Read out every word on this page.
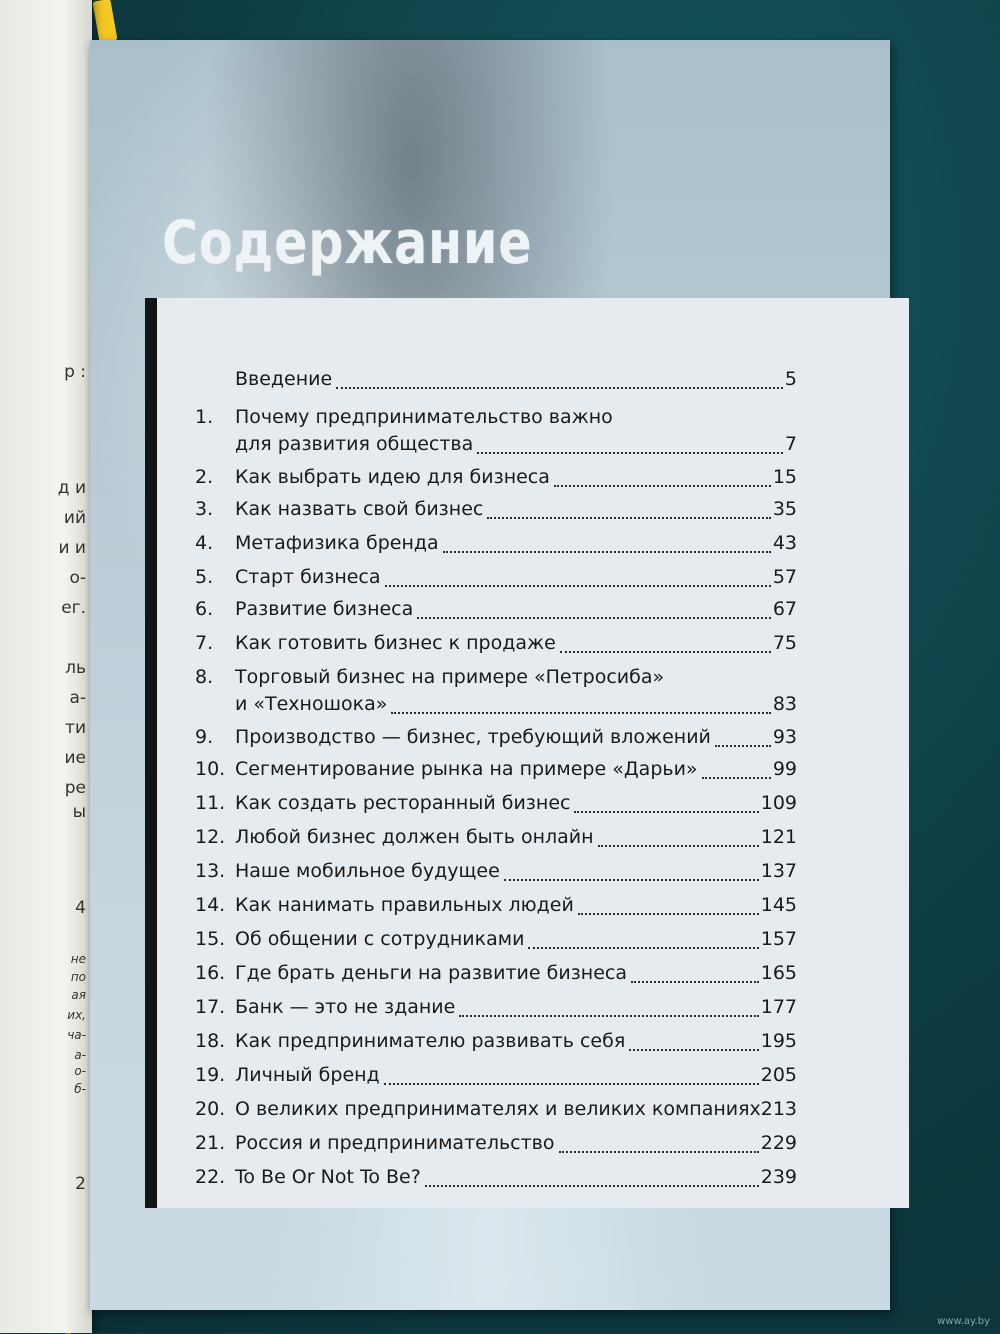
р :
д и
ий
и и
о-
ег.
ль
а-
ти
ие
ре
ы
4
не
по
ая
их,
ча-
а-
о-
б-
2
Содержание
Введение	5
1. Почему предпринимательство важно
для развития общества	7
2. Как выбрать идею для бизнеса	15
3. Как назвать свой бизнес	35
4. Метафизика бренда	43
5. Старт бизнеса	57
6. Развитие бизнеса	67
7. Как готовить бизнес к продаже	75
8. Торговый бизнес на примере «Петросиба»
и «Техношока»	83
9. Производство — бизнес, требующий вложений	93
10. Сегментирование рынка на примере «Дарьи»	99
11. Как создать ресторанный бизнес	109
12. Любой бизнес должен быть онлайн	121
13. Наше мобильное будущее	137
14. Как нанимать правильных людей	145
15. Об общении с сотрудниками	157
16. Где брать деньги на развитие бизнеса	165
17. Банк — это не здание	177
18. Как предпринимателю развивать себя	195
19. Личный бренд	205
20. О великих предпринимателях и великих компаниях 213
21. Россия и предпринимательство	229
22. To Be Or Not To Be?	239
www.ay.by
